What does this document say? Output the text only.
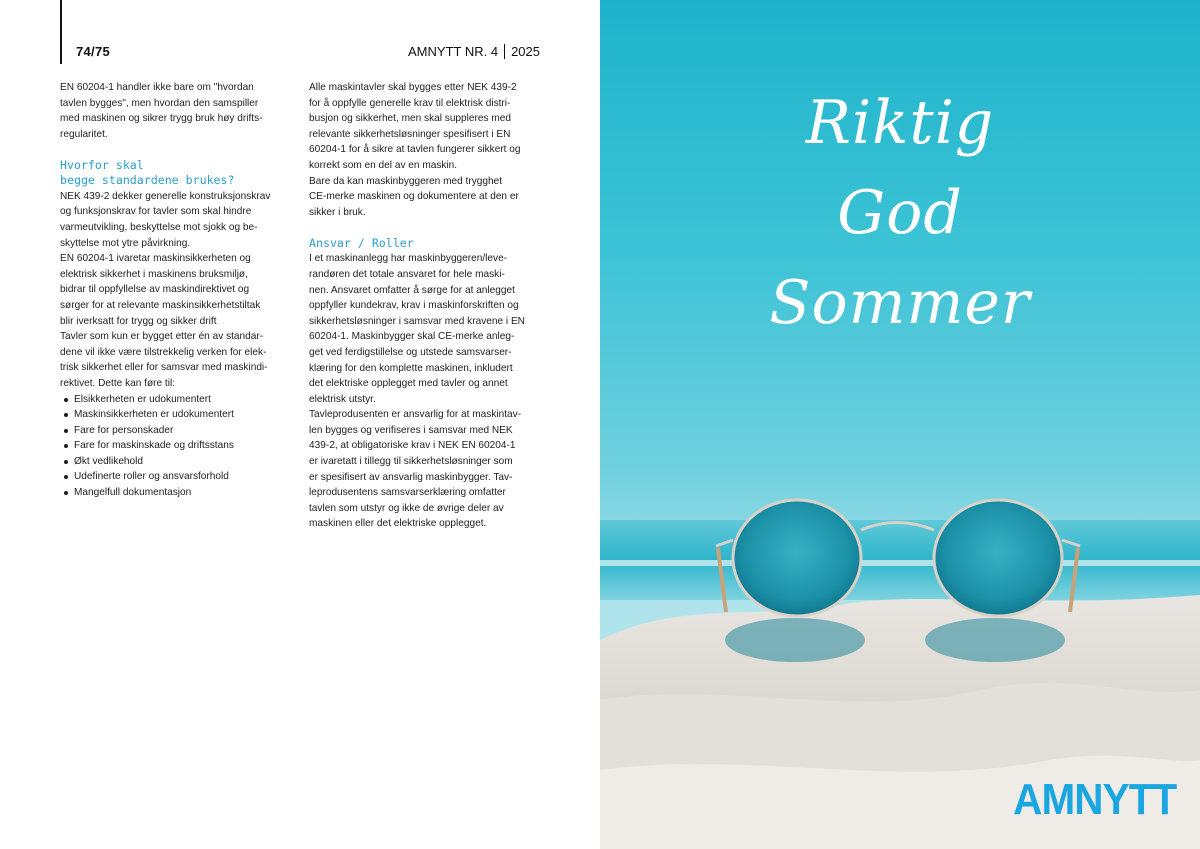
74/75	AMNYTT NR. 4 2025

EN 60204-1 handler ikke bare om "hvordan

tavlen bygges", men hvordan den samspiller

med maskinen og sikrer trygg bruk høy drifts-

regularitet.

Hvorfor skal

begge standardene brukes?

NEK 439-2 dekker generelle konstruksjonskrav

og funksjonskrav for tavler som skal hindre

varmeutvikling, beskyttelse mot sjokk og be-

skyttelse mot ytre påvirkning.

EN 60204-1 ivaretar maskinsikkerheten og

elektrisk sikkerhet i maskinens bruksmiljø,

bidrar til oppfyllelse av maskindirektivet og

sørger for at relevante maskinsikkerhetstiltak

blir iverksatt for trygg og sikker drift

Tavler som kun er bygget etter én av standar-

dene vil ikke være tilstrekkelig verken for elek-

trisk sikkerhet eller for samsvar med maskindi-

rektivet. Dette kan føre til:

Elsikkerheten er udokumentert
Maskinsikkerheten er udokumentert
Fare for personskader
Fare for maskinskade og driftsstans
Økt vedlikehold
Udefinerte roller og ansvarsforhold
Mangelfull dokumentasjon

Alle maskintavler skal bygges etter NEK 439-2

for å oppfylle generelle krav til elektrisk distri-

busjon og sikkerhet, men skal suppleres med

relevante sikkerhetsløsninger spesifisert i EN

60204-1 for å sikre at tavlen fungerer sikkert og

korrekt som en del av en maskin.

Bare da kan maskinbyggeren med trygghet

CE-merke maskinen og dokumentere at den er

sikker i bruk.

Ansvar / Roller

I et maskinanlegg har maskinbyggeren/leve-

randøren det totale ansvaret for hele maski-

nen. Ansvaret omfatter å sørge for at anlegget

oppfyller kundekrav, krav i maskinforskriften og

sikkerhetsløsninger i samsvar med kravene i EN

60204-1. Maskinbygger skal CE-merke anleg-

get ved ferdigstillelse og utstede samsvarser-

klæring for den komplette maskinen, inkludert

det elektriske opplegget med tavler og annet

elektrisk utstyr.

Tavleprodusenten er ansvarlig for at maskintav-

len bygges og verifiseres i samsvar med NEK

439-2, at obligatoriske krav i NEK EN 60204-1

er ivaretatt i tillegg til sikkerhetsløsninger som

er spesifisert av ansvarlig maskinbygger. Tav-

leprodusentens samsvarserklæring omfatter

tavlen som utstyr og ikke de øvrige deler av

maskinen eller det elektriske opplegget.

Riktig
God
Sommer
AMNYTT
